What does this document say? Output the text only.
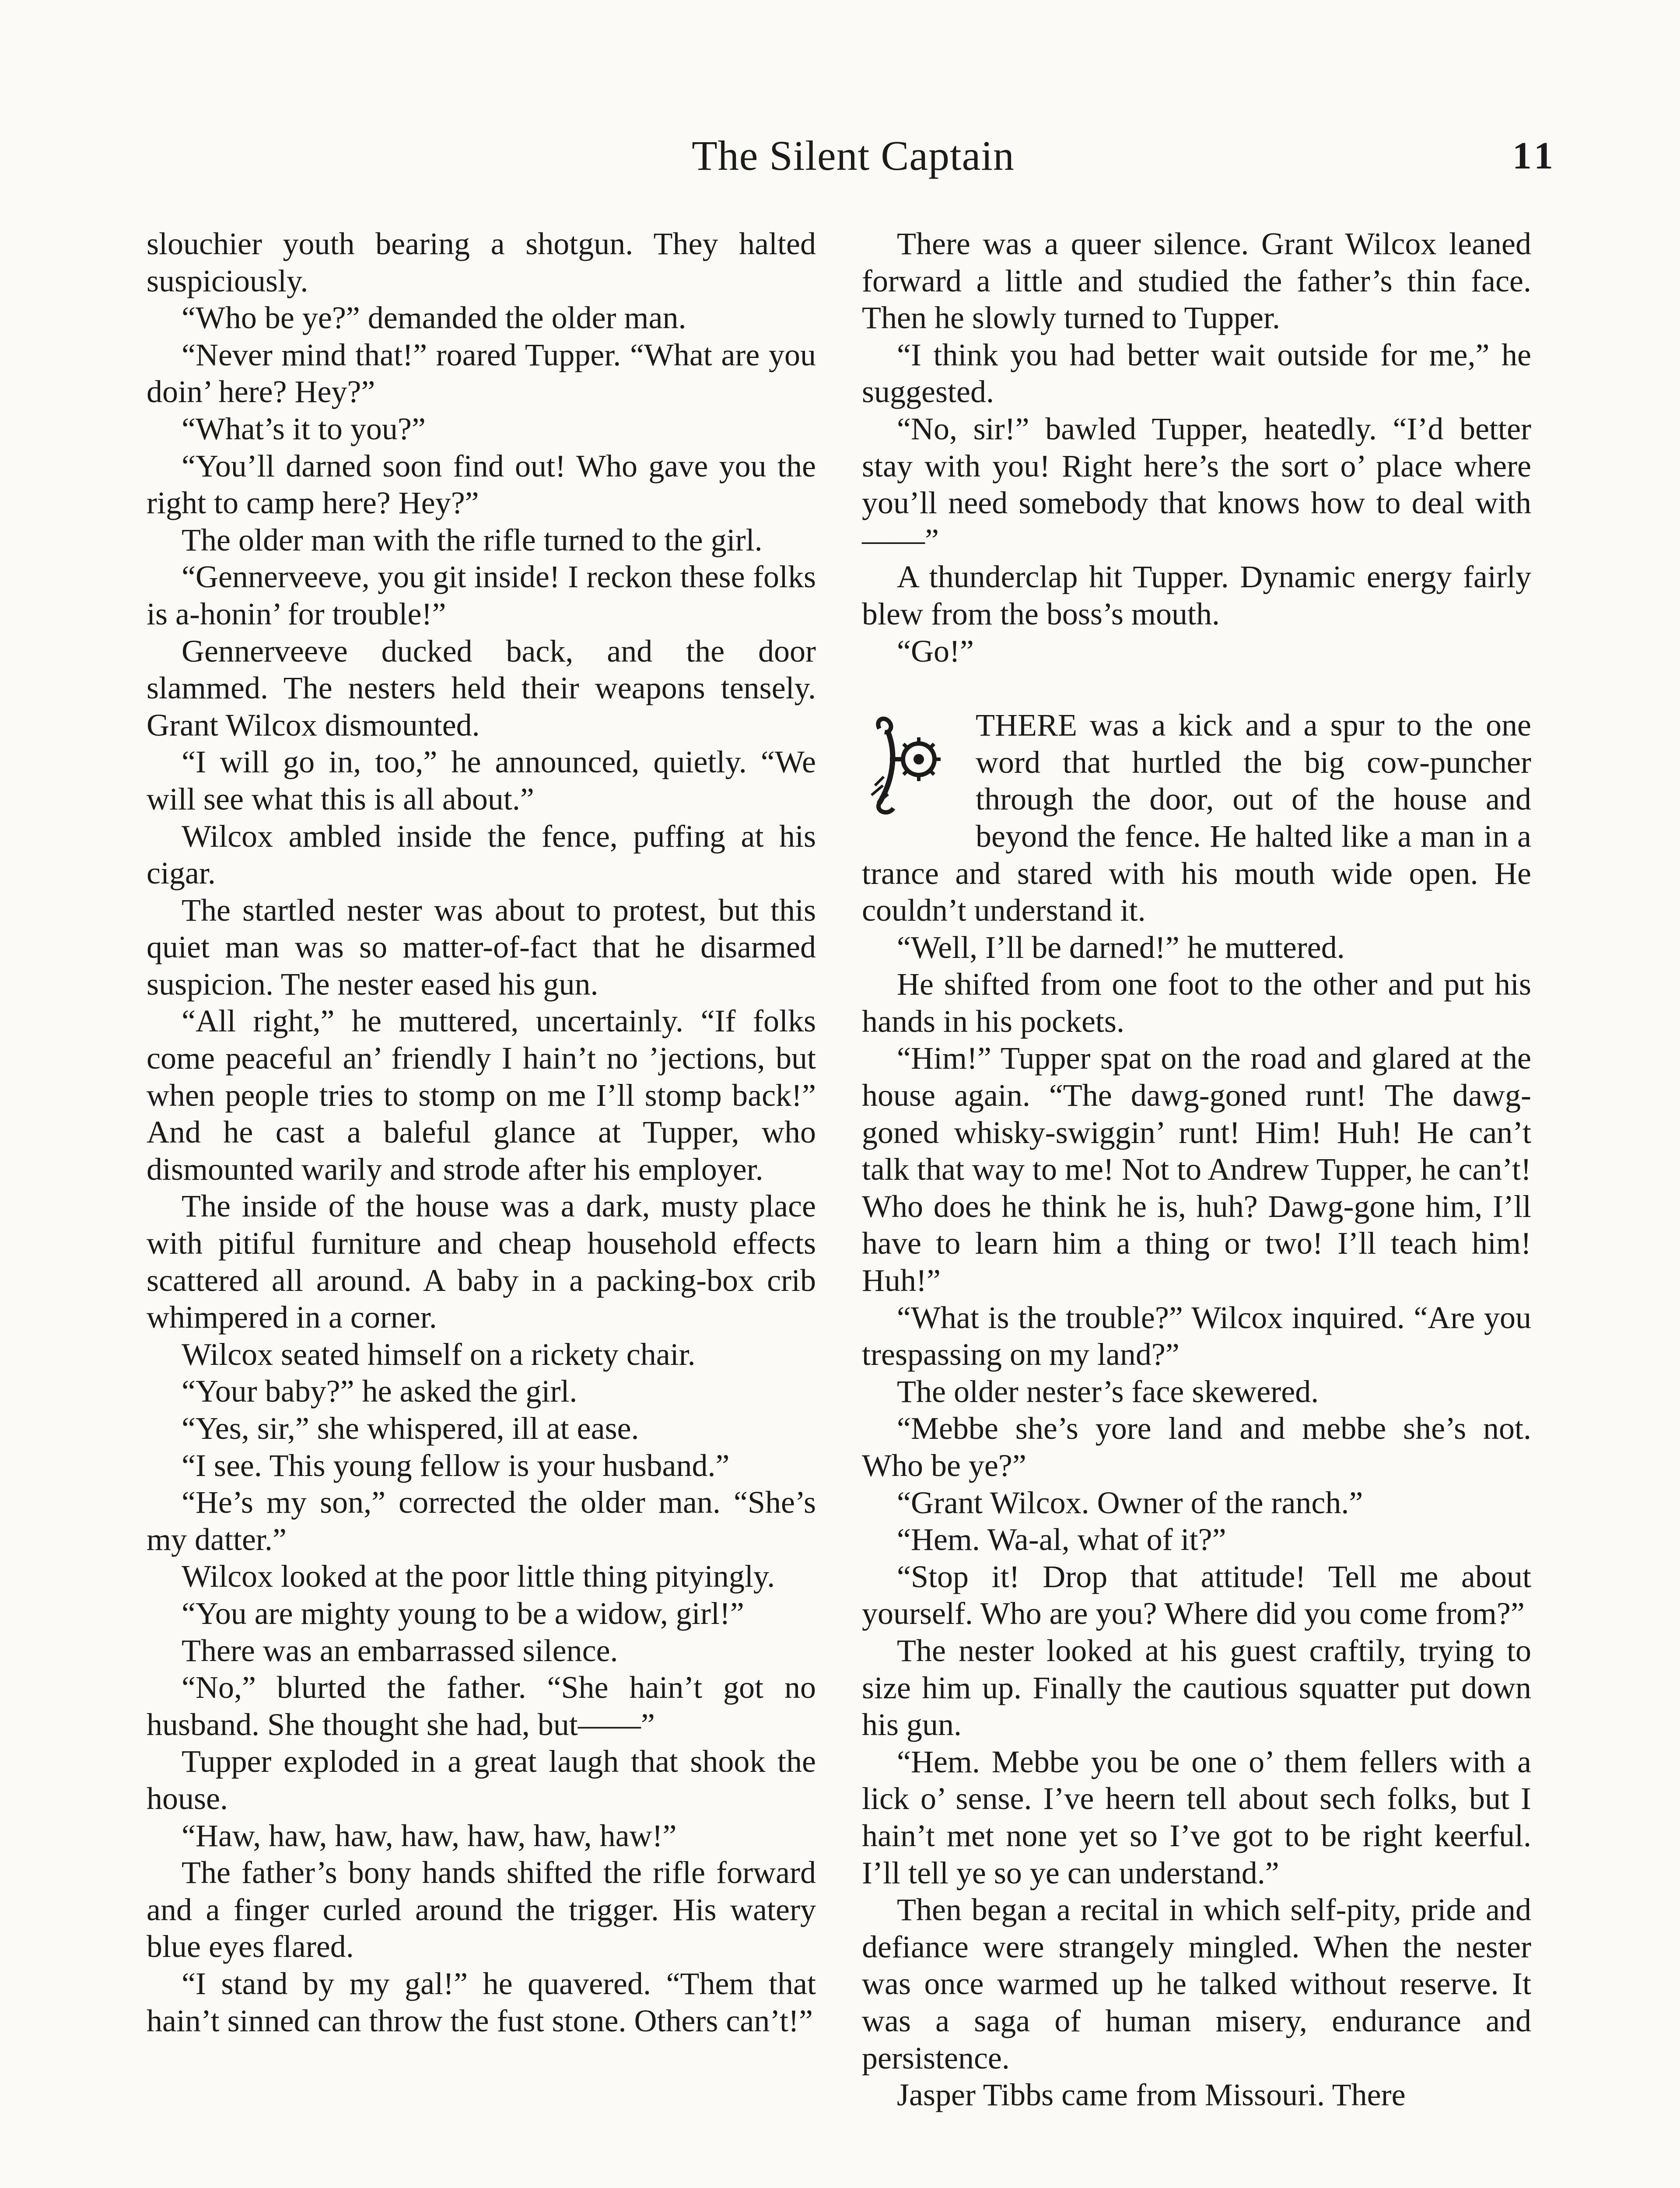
The Silent Captain	11

slouchier youth bearing a shotgun. They halted suspiciously.

“Who be ye?” demanded the older man.

“Never mind that!” roared Tupper. “What are you doin’ here? Hey?”

“What’s it to you?”

“You’ll darned soon find out! Who gave you the right to camp here? Hey?”

The older man with the rifle turned to the girl.

“Gennerveeve, you git inside! I reckon these folks is a-honin’ for trouble!”

Gennerveeve ducked back, and the door slammed. The nesters held their weapons tensely. Grant Wilcox dismounted.

“I will go in, too,” he announced, quietly. “We will see what this is all about.”

Wilcox ambled inside the fence, puffing at his cigar.

The startled nester was about to protest, but this quiet man was so matter-of-fact that he disarmed suspicion. The nester eased his gun.

“All right,” he muttered, uncertainly. “If folks come peaceful an’ friendly I hain’t no ’jections, but when people tries to stomp on me I’ll stomp back!” And he cast a baleful glance at Tupper, who dismounted warily and strode after his employer.

The inside of the house was a dark, musty place with pitiful furniture and cheap household effects scattered all around. A baby in a packing-box crib whimpered in a corner.

Wilcox seated himself on a rickety chair.

“Your baby?” he asked the girl.

“Yes, sir,” she whispered, ill at ease.

“I see. This young fellow is your husband.”

“He’s my son,” corrected the older man. “She’s my datter.”

Wilcox looked at the poor little thing pityingly.

“You are mighty young to be a widow, girl!”

There was an embarrassed silence.

“No,” blurted the father. “She hain’t got no husband. She thought she had, but——”

Tupper exploded in a great laugh that shook the house.

“Haw, haw, haw, haw, haw, haw, haw!”

The father’s bony hands shifted the rifle forward and a finger curled around the trigger. His watery blue eyes flared.

“I stand by my gal!” he quavered. “Them that hain’t sinned can throw the fust stone. Others can’t!”

There was a queer silence. Grant Wilcox leaned forward a little and studied the father’s thin face. Then he slowly turned to Tupper.

“I think you had better wait outside for me,” he suggested.

“No, sir!” bawled Tupper, heatedly. “I’d better stay with you! Right here’s the sort o’ place where you’ll need somebody that knows how to deal with ——”

A thunderclap hit Tupper. Dynamic energy fairly blew from the boss’s mouth.

“Go!”

THERE was a kick and a spur to the one word that hurtled the big cow-puncher through the door, out of the house and beyond the fence. He halted like a man in a trance and stared with his mouth wide open. He couldn’t understand it.

“Well, I’ll be darned!” he muttered.

He shifted from one foot to the other and put his hands in his pockets.

“Him!” Tupper spat on the road and glared at the house again. “The dawg-goned runt! The dawg-goned whisky-swiggin’ runt! Him! Huh! He can’t talk that way to me! Not to Andrew Tupper, he can’t! Who does he think he is, huh? Dawg-gone him, I’ll have to learn him a thing or two! I’ll teach him! Huh!”

“What is the trouble?” Wilcox inquired. “Are you trespassing on my land?”

The older nester’s face skewered.

“Mebbe she’s yore land and mebbe she’s not. Who be ye?”

“Grant Wilcox. Owner of the ranch.”

“Hem. Wa-al, what of it?”

“Stop it! Drop that attitude! Tell me about yourself. Who are you? Where did you come from?”

The nester looked at his guest craftily, trying to size him up. Finally the cautious squatter put down his gun.

“Hem. Mebbe you be one o’ them fellers with a lick o’ sense. I’ve heern tell about sech folks, but I hain’t met none yet so I’ve got to be right keerful. I’ll tell ye so ye can understand.”

Then began a recital in which self-pity, pride and defiance were strangely mingled. When the nester was once warmed up he talked without reserve. It was a saga of human misery, endurance and persistence.

Jasper Tibbs came from Missouri. There
